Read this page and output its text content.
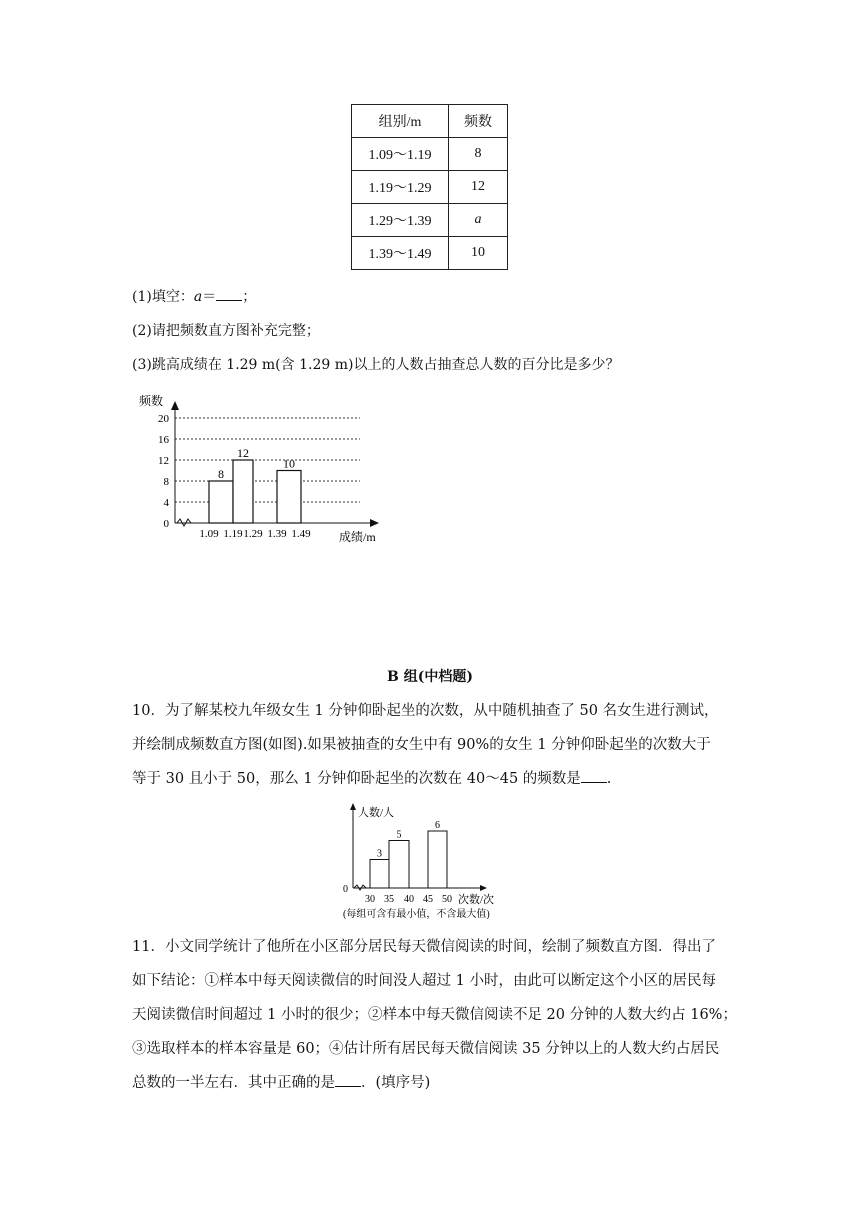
组别/m	频数
1.09～1.19	8
1.19～1.29	12
1.29～1.39	a
1.39～1.49	10
(1)填空：a＝ ；
(2)请把频数直方图补充完整；
(3)跳高成绩在 1.29 m(含 1.29 m)以上的人数占抽查总人数的百分比是多少？
0
4
8
12
16
20
频数
成绩/m
1.09 1.19 1.29 1.39 1.49
8
12
10
B 组(中档题)
10．为了解某校九年级女生 1 分钟仰卧起坐的次数，从中随机抽查了 50 名女生进行测试，
并绘制成频数直方图(如图).如果被抽查的女生中有 90%的女生 1 分钟仰卧起坐的次数大于
等于 30 且小于 50，那么 1 分钟仰卧起坐的次数在 40～45 的频数是 .
人数/人
0
次数/次
30 35 40 45 50
3
5
6
(每组可含有最小值，不含最大值)
11．小文同学统计了他所在小区部分居民每天微信阅读的时间，绘制了频数直方图．得出了
如下结论：①样本中每天阅读微信的时间没人超过 1 小时，由此可以断定这个小区的居民每
天阅读微信时间超过 1 小时的很少；②样本中每天微信阅读不足 20 分钟的人数大约占 16%；
③选取样本的样本容量是 60；④估计所有居民每天微信阅读 35 分钟以上的人数大约占居民
总数的一半左右．其中正确的是 ．(填序号)
